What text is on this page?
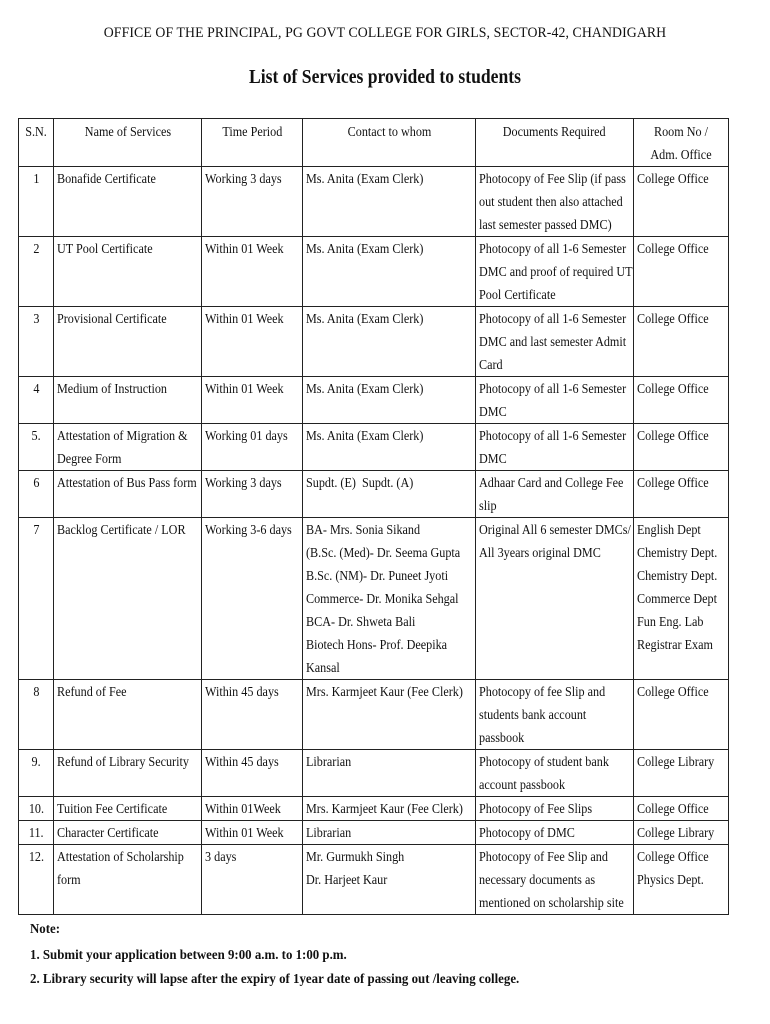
OFFICE OF THE PRINCIPAL, PG GOVT COLLEGE FOR GIRLS, SECTOR-42, CHANDIGARH
List of Services provided to students
S.N.	Name of Services	Time Period	Contact to whom	Documents Required	Room No /Adm. Office
1	Bonafide Certificate	Working 3 days	Ms. Anita (Exam Clerk)	Photocopy of Fee Slip (if passout student then also attachedlast semester passed DMC)	College Office
2	UT Pool Certificate	Within 01 Week	Ms. Anita (Exam Clerk)	Photocopy of all 1-6 SemesterDMC and proof of required UTPool Certificate	College Office
3	Provisional Certificate	Within 01 Week	Ms. Anita (Exam Clerk)	Photocopy of all 1-6 SemesterDMC and last semester AdmitCard	College Office
4	Medium of Instruction	Within 01 Week	Ms. Anita (Exam Clerk)	Photocopy of all 1-6 SemesterDMC	College Office
5.	Attestation of Migration &Degree Form	Working 01 days	Ms. Anita (Exam Clerk)	Photocopy of all 1-6 SemesterDMC	College Office
6	Attestation of Bus Pass form	Working 3 days	Supdt. (E) Supdt. (A)	Adhaar Card and College Feeslip	College Office
7	Backlog Certificate / LOR	Working 3-6 days	BA- Mrs. Sonia Sikand(B.Sc. (Med)- Dr. Seema GuptaB.Sc. (NM)- Dr. Puneet JyotiCommerce- Dr. Monika SehgalBCA- Dr. Shweta BaliBiotech Hons- Prof. DeepikaKansal	Original All 6 semester DMCs/All 3years original DMC	English DeptChemistry Dept.Chemistry Dept.Commerce DeptFun Eng. LabRegistrar Exam
8	Refund of Fee	Within 45 days	Mrs. Karmjeet Kaur (Fee Clerk)	Photocopy of fee Slip andstudents bank accountpassbook	College Office
9.	Refund of Library Security	Within 45 days	Librarian	Photocopy of student bankaccount passbook	College Library
10.	Tuition Fee Certificate	Within 01Week	Mrs. Karmjeet Kaur (Fee Clerk)	Photocopy of Fee Slips	College Office
11.	Character Certificate	Within 01 Week	Librarian	Photocopy of DMC	College Library
12.	Attestation of Scholarshipform	3 days	Mr. Gurmukh SinghDr. Harjeet Kaur	Photocopy of Fee Slip andnecessary documents asmentioned on scholarship site	College OfficePhysics Dept.
Note:
1. Submit your application between 9:00 a.m. to 1:00 p.m.
2. Library security will lapse after the expiry of 1year date of passing out /leaving college.
